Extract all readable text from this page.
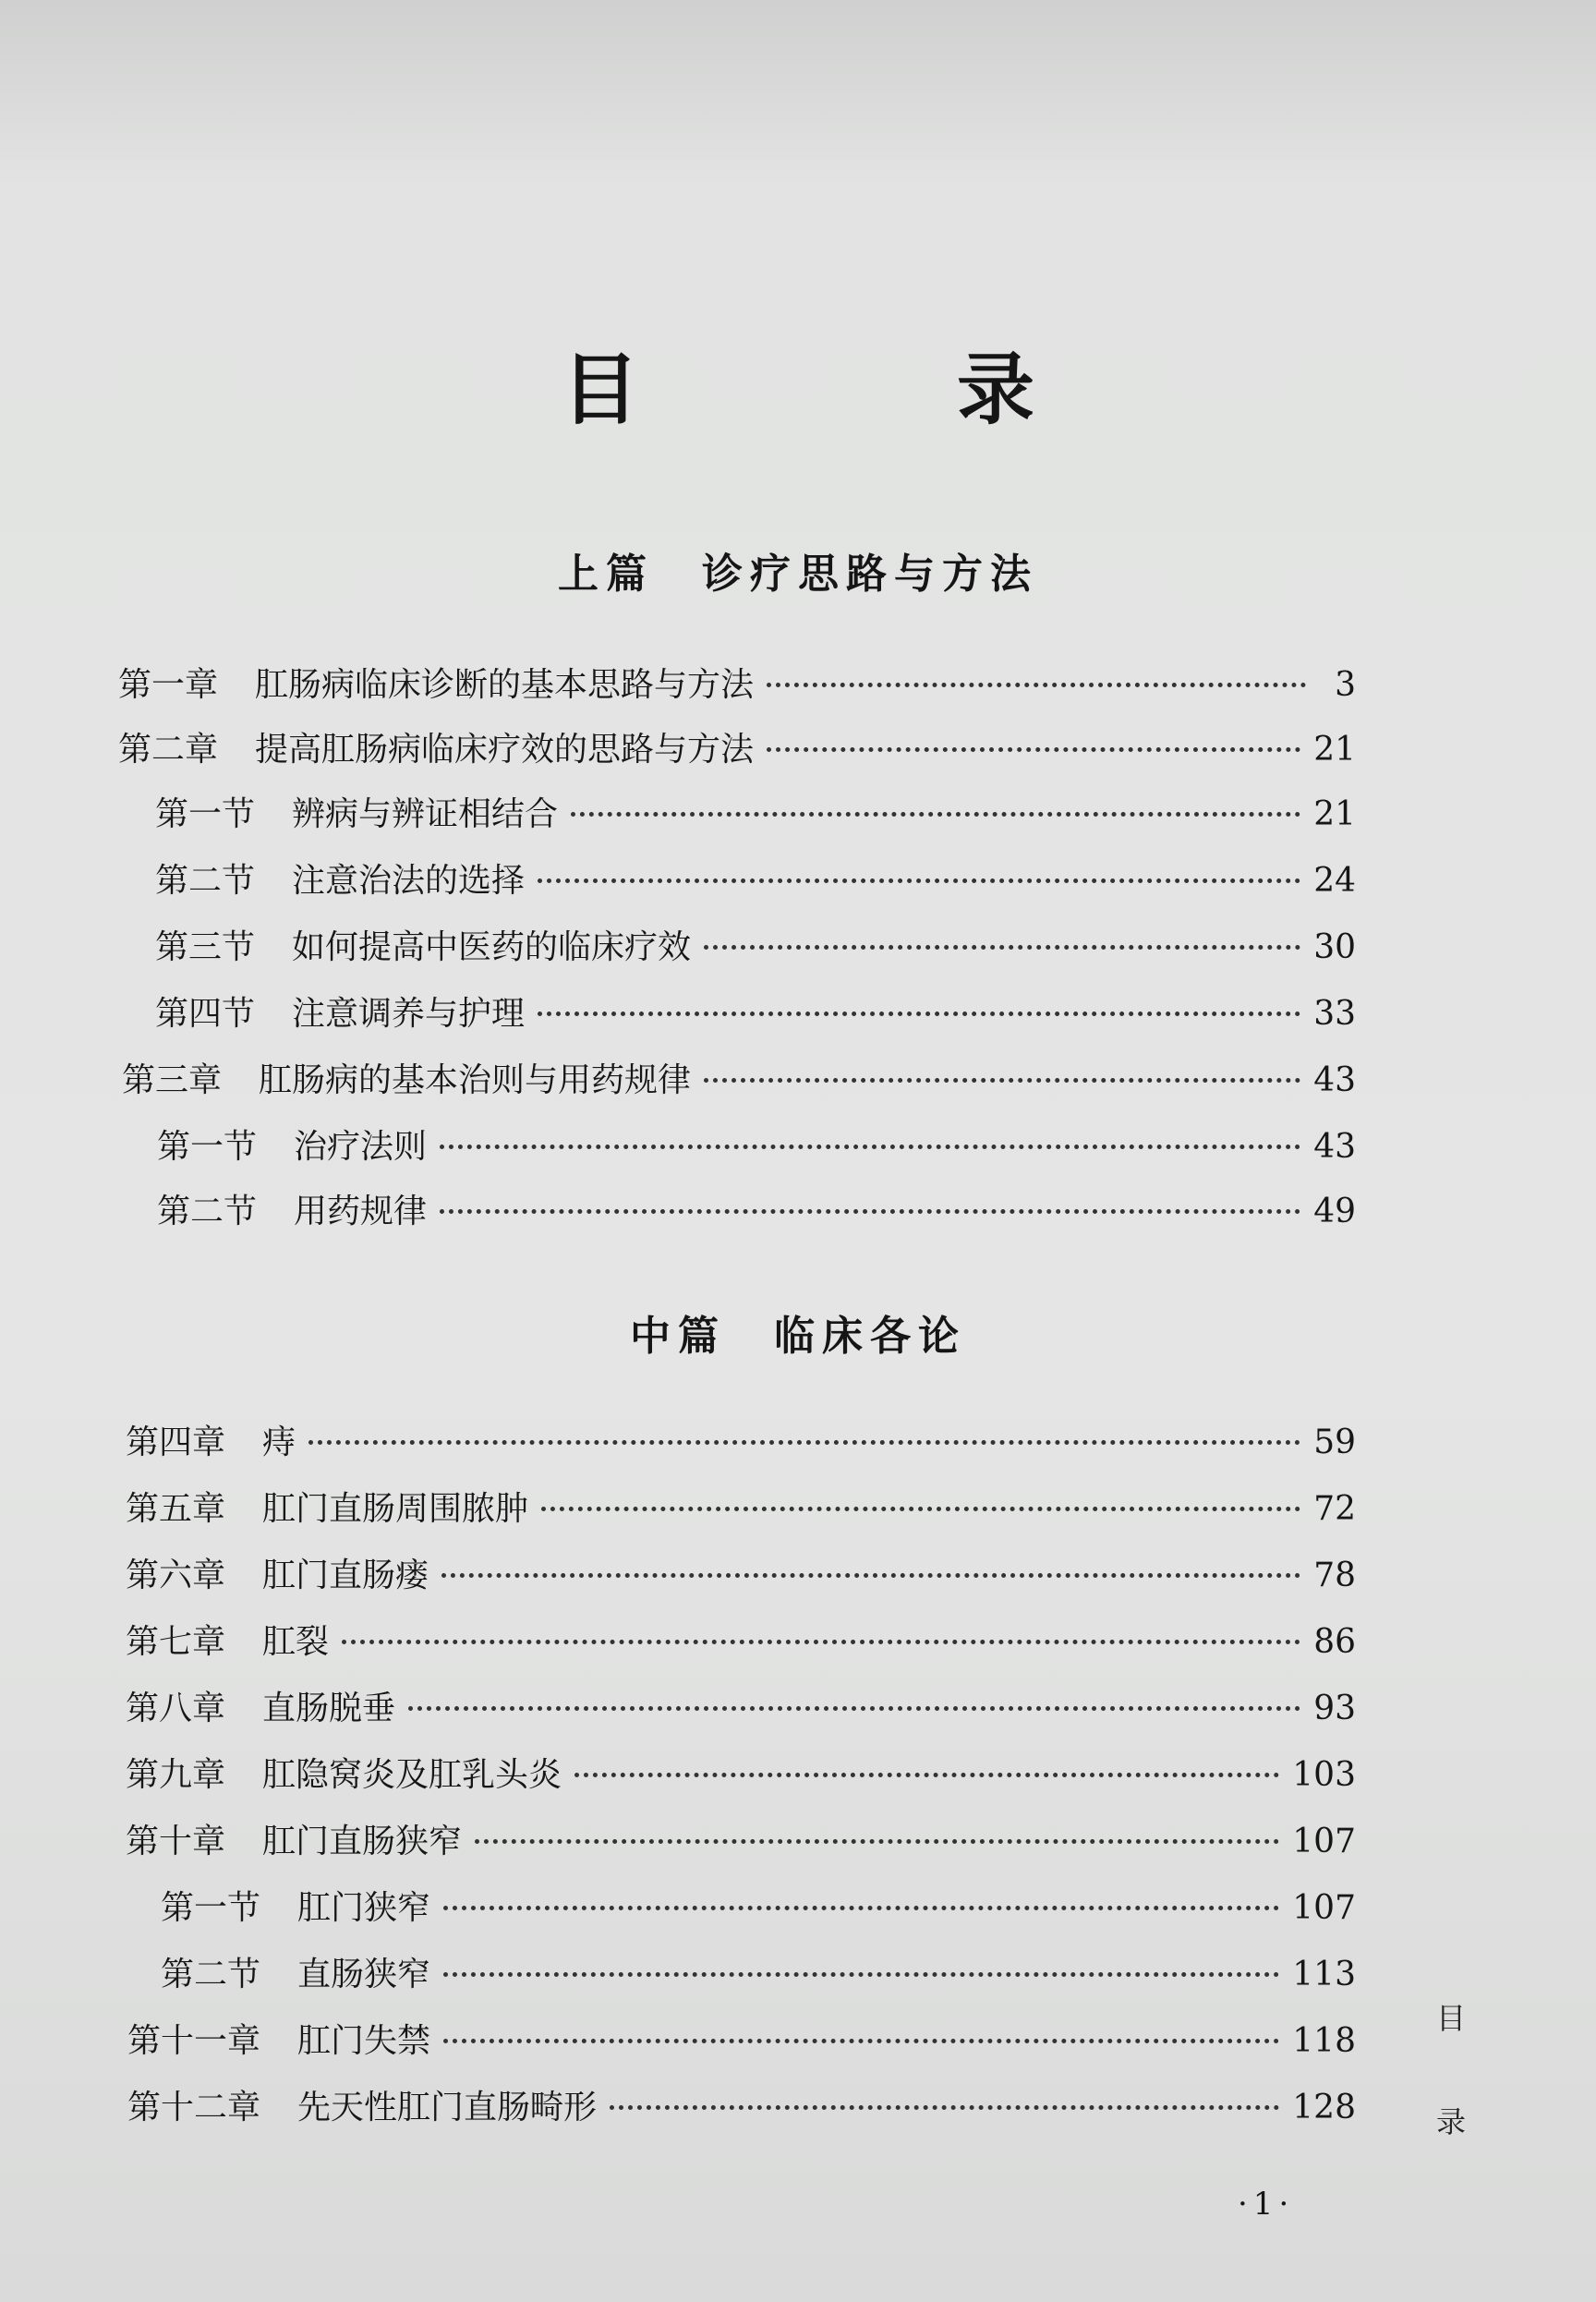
目　录
上篇　诊疗思路与方法
第一章 肛肠病临床诊断的基本思路与方法	3
第二章 提高肛肠病临床疗效的思路与方法	21
第一节 辨病与辨证相结合	21
第二节 注意治法的选择	24
第三节 如何提高中医药的临床疗效	30
第四节 注意调养与护理	33
第三章 肛肠病的基本治则与用药规律	43
第一节 治疗法则	43
第二节 用药规律	49
中篇　临床各论
第四章 痔	59
第五章 肛门直肠周围脓肿	72
第六章 肛门直肠瘘	78
第七章 肛裂	86
第八章 直肠脱垂	93
第九章 肛隐窝炎及肛乳头炎	103
第十章 肛门直肠狭窄	107
第一节 肛门狭窄	107
第二节 直肠狭窄	113
第十一章 肛门失禁	118
第十二章 先天性肛门直肠畸形	128
目
录
·1·
